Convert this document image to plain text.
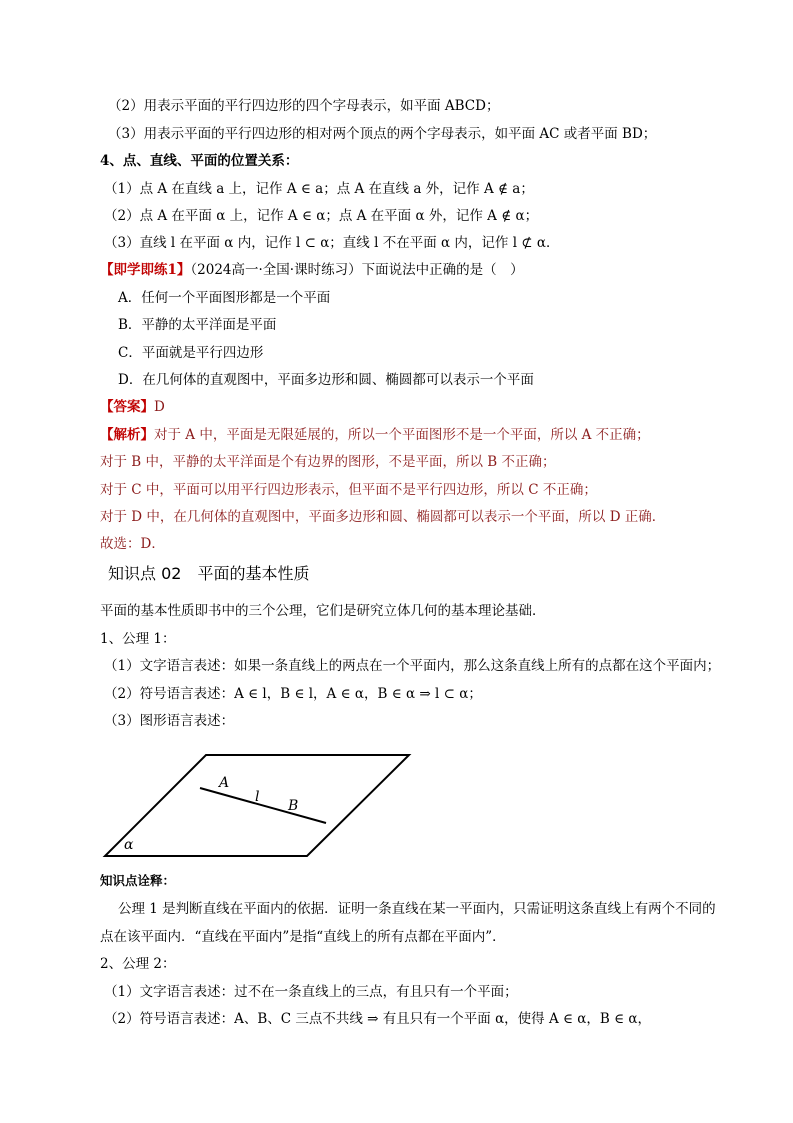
（2）用表示平面的平行四边形的四个字母表示，如平面 ABCD；
（3）用表示平面的平行四边形的相对两个顶点的两个字母表示，如平面 AC 或者平面 BD；
4、点、直线、平面的位置关系：
（1）点 A 在直线 a 上，记作 A ∈ a；点 A 在直线 a 外，记作 A ∉ a；
（2）点 A 在平面 α 上，记作 A ∈ α；点 A 在平面 α 外，记作 A ∉ α；
（3）直线 l 在平面 α 内，记作 l ⊂ α；直线 l 不在平面 α 内，记作 l ⊄ α．
【即学即练1】（2024高一·全国·课时练习）下面说法中正确的是（　）
A．任何一个平面图形都是一个平面
B．平静的太平洋面是平面
C．平面就是平行四边形
D．在几何体的直观图中，平面多边形和圆、椭圆都可以表示一个平面
【答案】D
【解析】对于 A 中，平面是无限延展的，所以一个平面图形不是一个平面，所以 A 不正确；
对于 B 中，平静的太平洋面是个有边界的图形，不是平面，所以 B 不正确；
对于 C 中，平面可以用平行四边形表示，但平面不是平行四边形，所以 C 不正确；
对于 D 中，在几何体的直观图中，平面多边形和圆、椭圆都可以表示一个平面，所以 D 正确．
故选：D．
知识点 02　平面的基本性质
平面的基本性质即书中的三个公理，它们是研究立体几何的基本理论基础．
1、公理 1：
（1）文字语言表述：如果一条直线上的两点在一个平面内，那么这条直线上所有的点都在这个平面内；
（2）符号语言表述：A ∈ l，B ∈ l，A ∈ α，B ∈ α ⇒ l ⊂ α；
（3）图形语言表述：
A
l
B
α
知识点诠释：
公理 1 是判断直线在平面内的依据．证明一条直线在某一平面内，只需证明这条直线上有两个不同的
点在该平面内．“直线在平面内”是指“直线上的所有点都在平面内”．
2、公理 2：
（1）文字语言表述：过不在一条直线上的三点，有且只有一个平面；
（2）符号语言表述：A、B、C 三点不共线 ⇒ 有且只有一个平面 α，使得 A ∈ α，B ∈ α，
